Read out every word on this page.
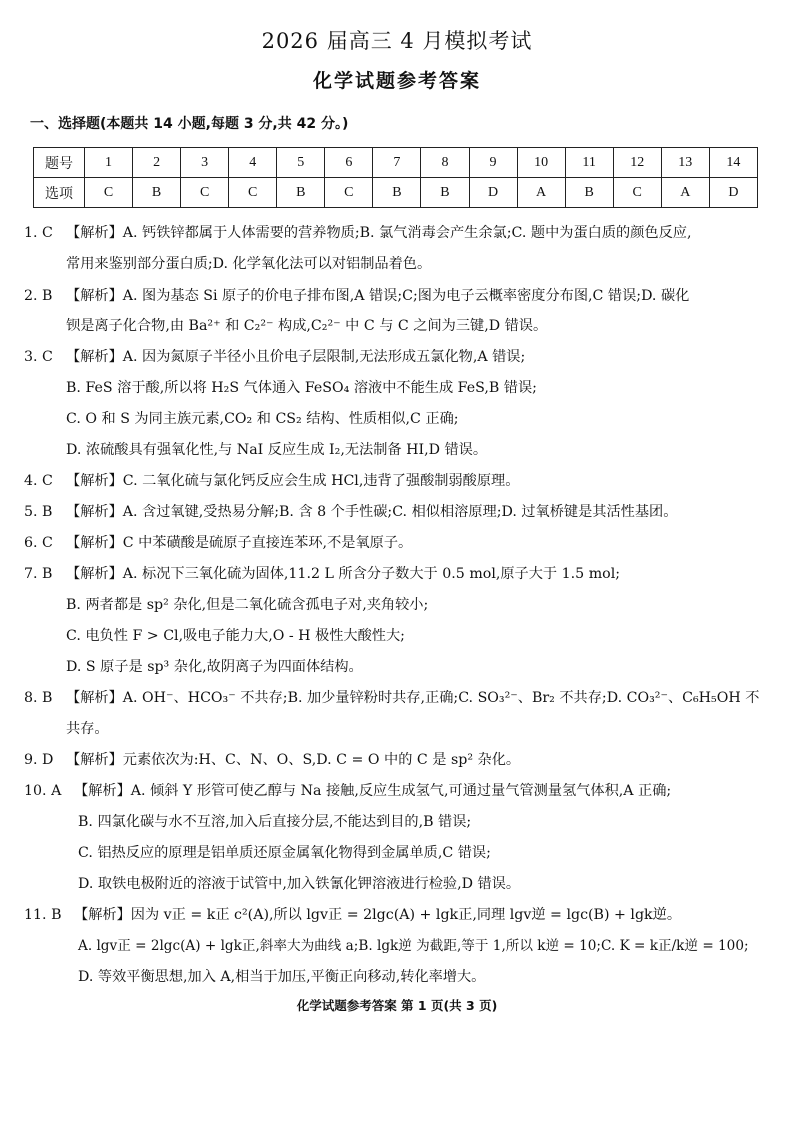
2026 届高三 4 月模拟考试
化学试题参考答案
一、选择题(本题共 14 小题,每题 3 分,共 42 分。)
题号	1	2	3	4	5	6	7	8	9	10	11	12	13	14
选项	C	B	C	C	B	C	B	B	D	A	B	C	A	D
1. C 【解析】A. 钙铁锌都属于人体需要的营养物质;B. 氯气消毒会产生余氯;C. 题中为蛋白质的颜色反应,
常用来鉴别部分蛋白质;D. 化学氧化法可以对铝制品着色。
2. B 【解析】A. 图为基态 Si 原子的价电子排布图,A 错误;C;图为电子云概率密度分布图,C 错误;D. 碳化
钡是离子化合物,由 Ba²⁺ 和 C₂²⁻ 构成,C₂²⁻ 中 C 与 C 之间为三键,D 错误。
3. C 【解析】A. 因为氮原子半径小且价电子层限制,无法形成五氯化物,A 错误;
B. FeS 溶于酸,所以将 H₂S 气体通入 FeSO₄ 溶液中不能生成 FeS,B 错误;
C. O 和 S 为同主族元素,CO₂ 和 CS₂ 结构、性质相似,C 正确;
D. 浓硫酸具有强氧化性,与 NaI 反应生成 I₂,无法制备 HI,D 错误。
4. C 【解析】C. 二氧化硫与氯化钙反应会生成 HCl,违背了强酸制弱酸原理。
5. B 【解析】A. 含过氧键,受热易分解;B. 含 8 个手性碳;C. 相似相溶原理;D. 过氧桥键是其活性基团。
6. C 【解析】C 中苯磺酸是硫原子直接连苯环,不是氧原子。
7. B 【解析】A. 标况下三氧化硫为固体,11.2 L 所含分子数大于 0.5 mol,原子大于 1.5 mol;
B. 两者都是 sp² 杂化,但是二氧化硫含孤电子对,夹角较小;
C. 电负性 F > Cl,吸电子能力大,O - H 极性大酸性大;
D. S 原子是 sp³ 杂化,故阴离子为四面体结构。
8. B 【解析】A. OH⁻、HCO₃⁻ 不共存;B. 加少量锌粉时共存,正确;C. SO₃²⁻、Br₂ 不共存;D. CO₃²⁻、C₆H₅OH 不
共存。
9. D 【解析】元素依次为:H、C、N、O、S,D. C = O 中的 C 是 sp² 杂化。
10. A 【解析】A. 倾斜 Y 形管可使乙醇与 Na 接触,反应生成氢气,可通过量气管测量氢气体积,A 正确;
B. 四氯化碳与水不互溶,加入后直接分层,不能达到目的,B 错误;
C. 铝热反应的原理是铝单质还原金属氧化物得到金属单质,C 错误;
D. 取铁电极附近的溶液于试管中,加入铁氰化钾溶液进行检验,D 错误。
11. B 【解析】因为 v正 = k正 c²(A),所以 lgv正 = 2lgc(A) + lgk正,同理 lgv逆 = lgc(B) + lgk逆。
A. lgv正 = 2lgc(A) + lgk正,斜率大为曲线 a;B. lgk逆 为截距,等于 1,所以 k逆 = 10;C. K = k正/k逆 = 100;
D. 等效平衡思想,加入 A,相当于加压,平衡正向移动,转化率增大。
化学试题参考答案 第 1 页(共 3 页)
